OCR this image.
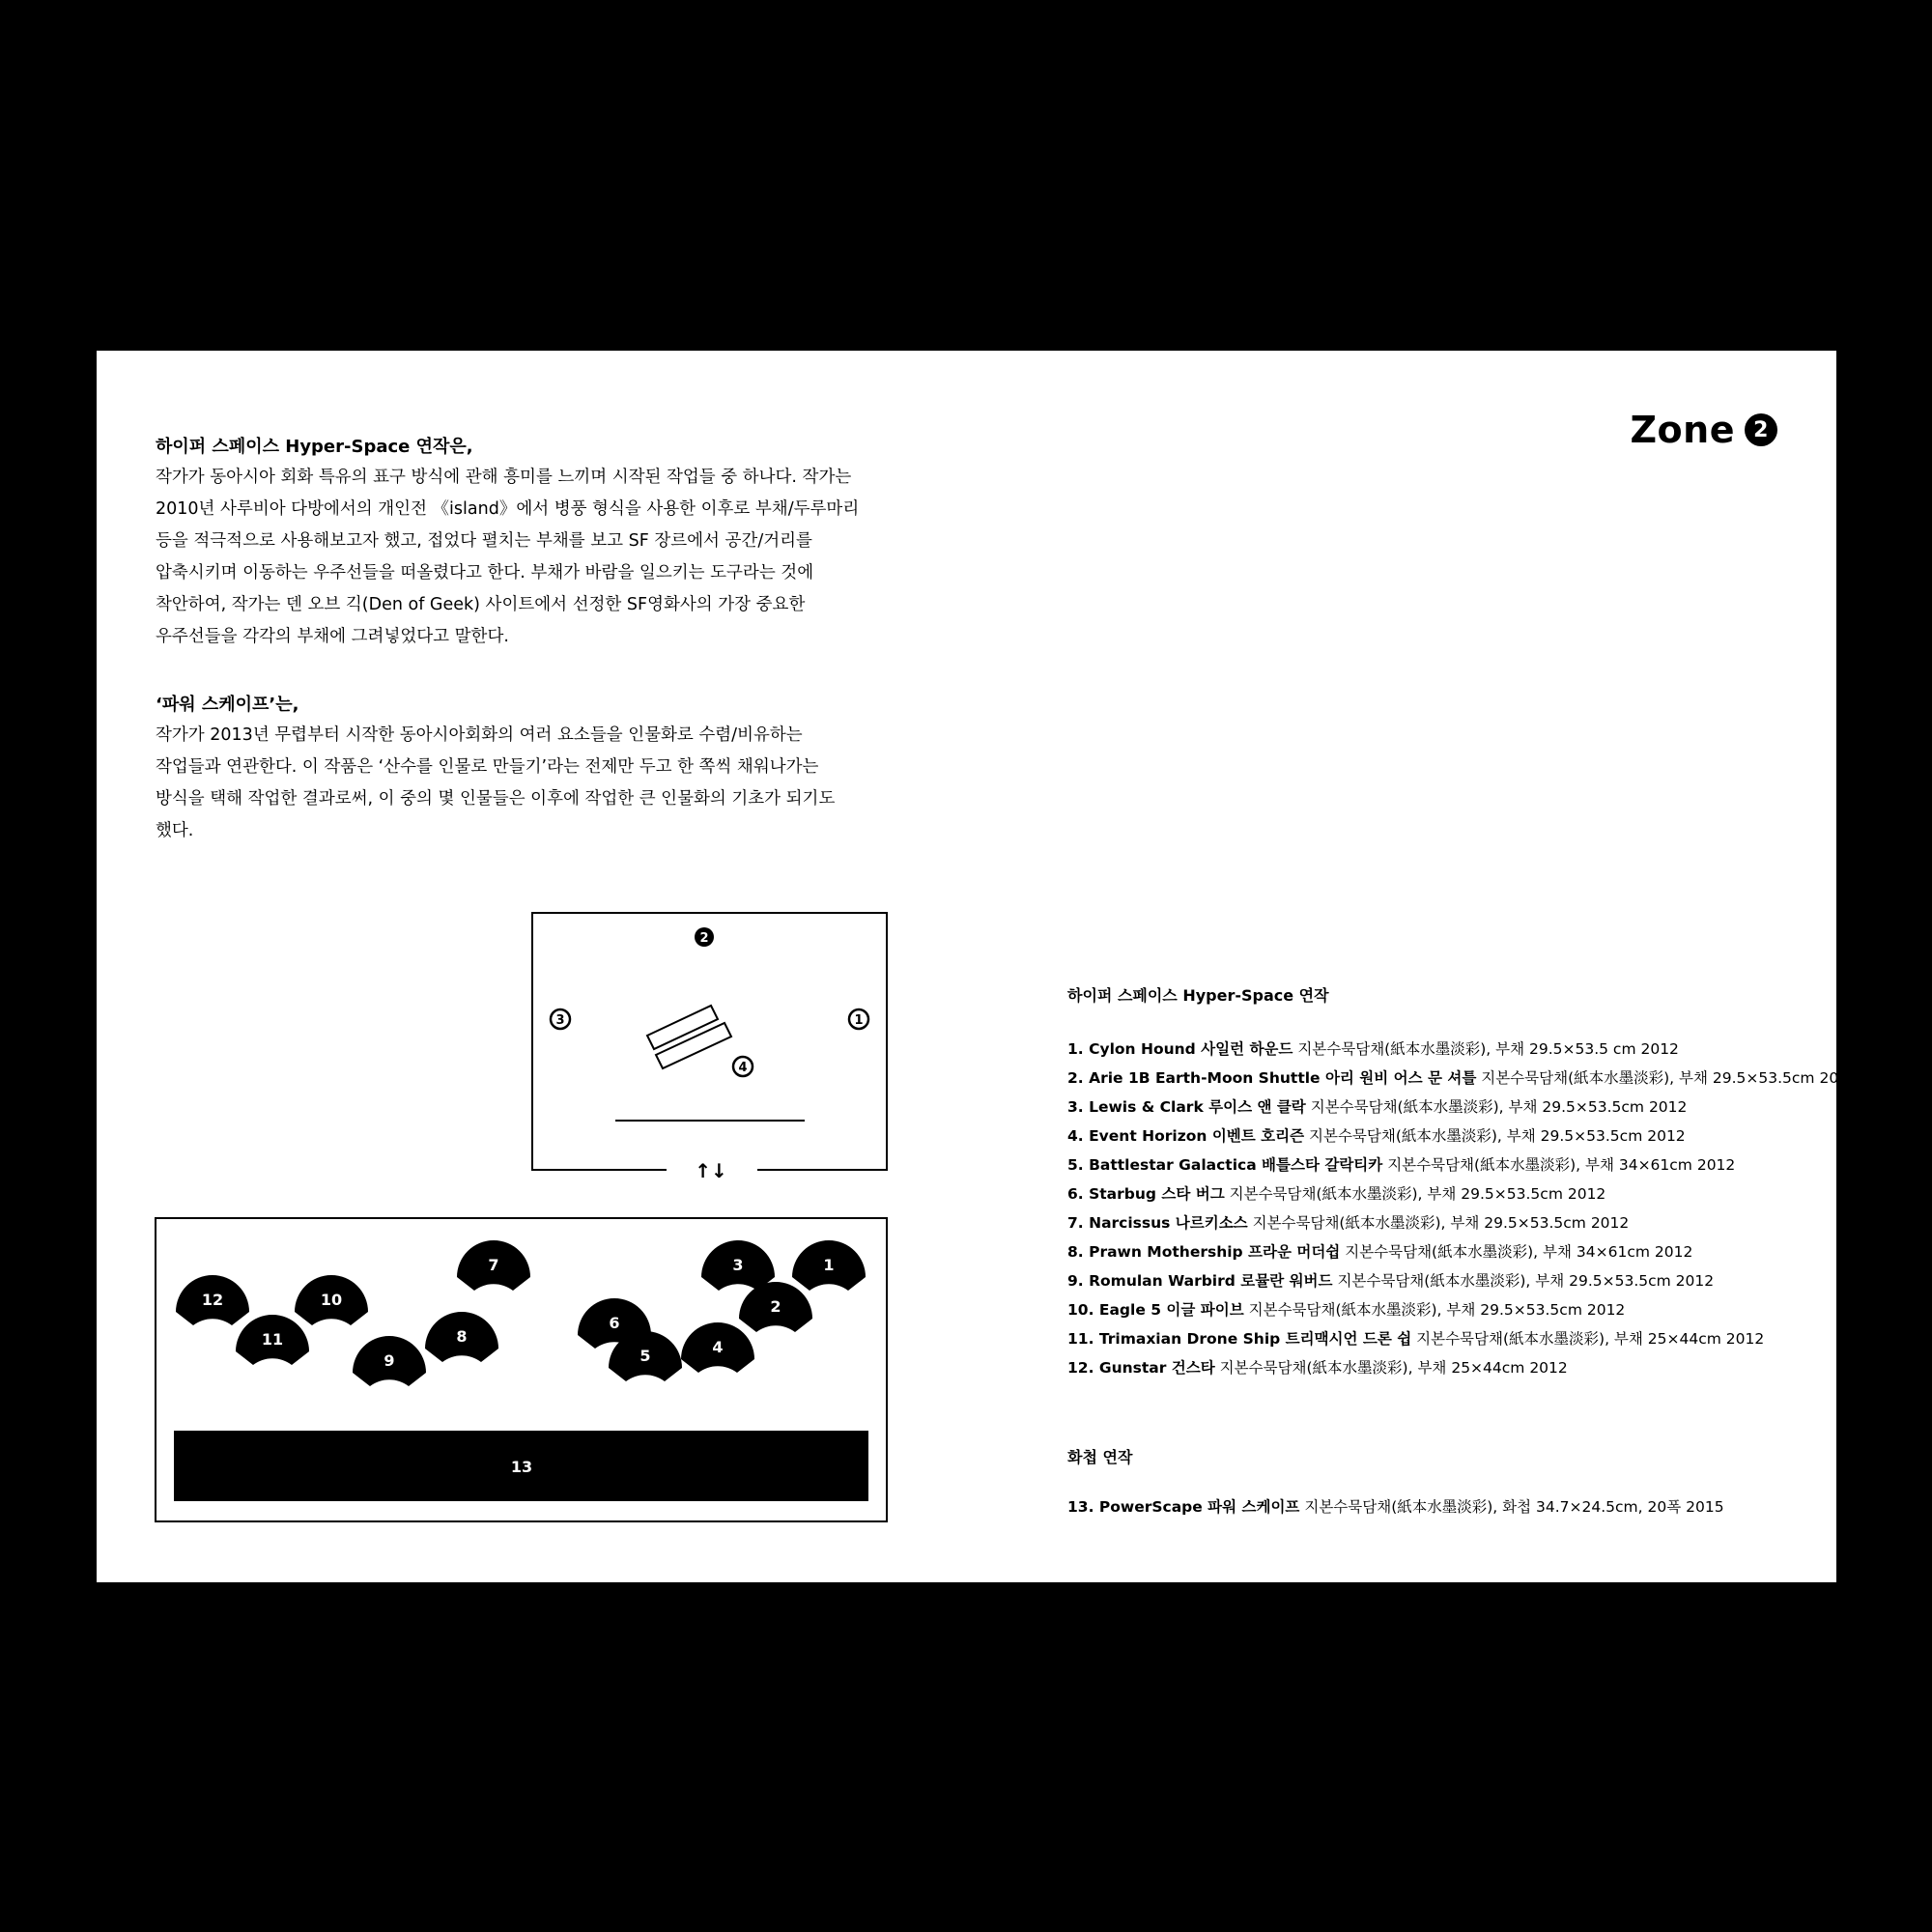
Zone 2
하이퍼 스페이스 Hyper-Space 연작은,

작가가 동아시아 회화 특유의 표구 방식에 관해 흥미를 느끼며 시작된 작업들 중 하나다. 작가는

2010년 사루비아 다방에서의 개인전 《island》에서 병풍 형식을 사용한 이후로 부채/두루마리

등을 적극적으로 사용해보고자 했고, 접었다 펼치는 부채를 보고 SF 장르에서 공간/거리를

압축시키며 이동하는 우주선들을 떠올렸다고 한다. 부채가 바람을 일으키는 도구라는 것에

착안하여, 작가는 덴 오브 긱(Den of Geek) 사이트에서 선정한 SF영화사의 가장 중요한

우주선들을 각각의 부채에 그려넣었다고 말한다.

‘파워 스케이프’는,

작가가 2013년 무렵부터 시작한 동아시아회화의 여러 요소들을 인물화로 수렴/비유하는

작업들과 연관한다. 이 작품은 ‘산수를 인물로 만들기’라는 전제만 두고 한 쪽씩 채워나가는

방식을 택해 작업한 결과로써, 이 중의 몇 인물들은 이후에 작업한 큰 인물화의 기초가 되기도

했다.

2
3	1
4
↑↓
12	10
7	3	1
11
2
6
8
9
4
5
13
하이퍼 스페이스 Hyper-Space 연작
1. Cylon Hound 사일런 하운드 지본수묵담채(紙本水墨淡彩), 부채 29.5×53.5 cm 2012
2. Arie 1B Earth-Moon Shuttle 아리 원비 어스 문 셔틀 지본수묵담채(紙本水墨淡彩), 부채 29.5×53.5cm 2012
3. Lewis & Clark 루이스 앤 클락 지본수묵담채(紙本水墨淡彩), 부채 29.5×53.5cm 2012
4. Event Horizon 이벤트 호리즌 지본수묵담채(紙本水墨淡彩), 부채 29.5×53.5cm 2012
5. Battlestar Galactica 배틀스타 갈락티카 지본수묵담채(紙本水墨淡彩), 부채 34×61cm 2012
6. Starbug 스타 버그 지본수묵담채(紙本水墨淡彩), 부채 29.5×53.5cm 2012
7. Narcissus 나르키소스 지본수묵담채(紙本水墨淡彩), 부채 29.5×53.5cm 2012
8. Prawn Mothership 프라운 머더쉽 지본수묵담채(紙本水墨淡彩), 부채 34×61cm 2012
9. Romulan Warbird 로뮬란 워버드 지본수묵담채(紙本水墨淡彩), 부채 29.5×53.5cm 2012
10. Eagle 5 이글 파이브 지본수묵담채(紙本水墨淡彩), 부채 29.5×53.5cm 2012
11. Trimaxian Drone Ship 트리맥시언 드론 쉽 지본수묵담채(紙本水墨淡彩), 부채 25×44cm 2012
12. Gunstar 건스타 지본수묵담채(紙本水墨淡彩), 부채 25×44cm 2012
화첩 연작
13. PowerScape 파워 스케이프 지본수묵담채(紙本水墨淡彩), 화첩 34.7×24.5cm, 20폭 2015
